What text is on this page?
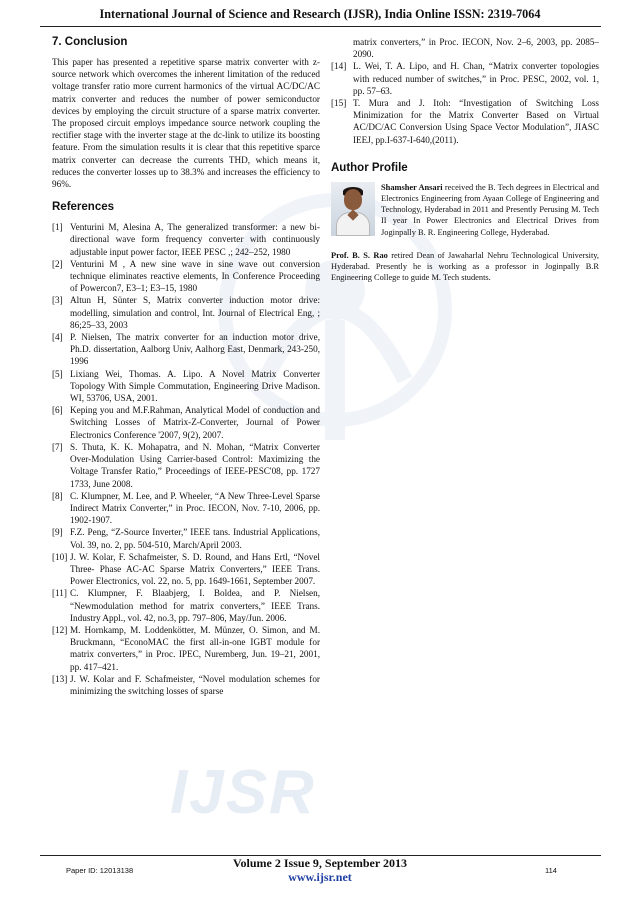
International Journal of Science and Research (IJSR), India Online ISSN: 2319-7064
IJSR
7. Conclusion

This paper has presented a repetitive sparse matrix converter with z-source network which overcomes the inherent limitation of the reduced voltage transfer ratio more current harmonics of the virtual AC/DC/AC matrix converter and reduces the number of power semiconductor devices by employing the circuit structure of a sparse matrix converter. The proposed circuit employs impedance source network coupling the rectifier stage with the inverter stage at the dc-link to utilize its boosting feature. From the simulation results it is clear that this repetitive sparce matrix converter can decrease the currents THD, which means it, reduces the converter losses up to 38.3% and increases the efficiency to 96%.

References
[1] Venturini M, Alesina A, The generalized transformer: a new bi-directional wave form frequency converter with continuously adjustable input power factor, IEEE PESC ,; 242–252, 1980
[2] Venturini M , A new sine wave in sine wave out conversion technique eliminates reactive elements, In Conference Proceeding of Powercon7, E3–1; E3–15, 1980
[3] Altun H, Sünter S, Matrix converter induction motor drive: modelling, simulation and control, Int. Journal of Electrical Eng, ; 86;25–33, 2003
[4] P. Nielsen, The matrix converter for an induction motor drive, Ph.D. dissertation, Aalborg Univ, Aalhorg East, Denmark, 243-250, 1996
[5] Lixiang Wei, Thomas. A. Lipo. A Novel Matrix Converter Topology With Simple Commutation, Engineering Drive Madison. WI, 53706, USA, 2001.
[6] Keping you and M.F.Rahman, Analytical Model of conduction and Switching Losses of Matrix-Z-Converter, Journal of Power Electronics Conference '2007, 9(2), 2007.
[7] S. Thuta, K. K. Mohapatra, and N. Mohan, “Matrix Converter Over-Modulation Using Carrier-based Control: Maximizing the Voltage Transfer Ratio,” Proceedings of IEEE-PESC'08, pp. 1727 1733, June 2008.
[8] C. Klumpner, M. Lee, and P. Wheeler, “A New Three-Level Sparse Indirect Matrix Converter,” in Proc. IECON, Nov. 7-10, 2006, pp. 1902-1907.
[9] F.Z. Peng, “Z-Source Inverter,” IEEE tans. Industrial Applications, Vol. 39, no. 2, pp. 504-510, March/April 2003.
[10] J. W. Kolar, F. Schafmeister, S. D. Round, and Hans Ertl, “Novel Three- Phase AC-AC Sparse Matrix Converters,” IEEE Trans. Power Electronics, vol. 22, no. 5, pp. 1649-1661, September 2007.
[11] C. Klumpner, F. Blaabjerg, I. Boldea, and P. Nielsen, “Newmodulation method for matrix converters,” IEEE Trans. Industry Appl., vol. 42, no.3, pp. 797–806, May/Jun. 2006.
[12] M. Hornkamp, M. Loddenkötter, M. Münzer, O. Simon, and M. Bruckmann, “EconoMAC the first all-in-one IGBT module for matrix converters,” in Proc. IPEC, Nuremberg, Jun. 19–21, 2001, pp. 417–421.
[13] J. W. Kolar and F. Schafmeister, “Novel modulation schemes for minimizing the switching losses of sparse
matrix converters,” in Proc. IECON, Nov. 2–6, 2003, pp. 2085–2090.
[14] L. Wei, T. A. Lipo, and H. Chan, “Matrix converter topologies with reduced number of switches,” in Proc. PESC, 2002, vol. 1, pp. 57–63.
[15] T. Mura and J. Itoh: “Investigation of Switching Loss Minimization for the Matrix Converter Based on Virtual AC/DC/AC Conversion Using Space Vector Modulation”, JIASC IEEJ, pp.I-637-I-640,(2011).
Author Profile
Shamsher Ansari received the B. Tech degrees in Electrical and Electronics Engineering from Ayaan College of Engineering and Technology, Hyderabad in 2011 and Presently Perusing M. Tech II year In Power Electronics and Electrical Drives from Joginpally B. R. Engineering College, Hyderabad.
Prof. B. S. Rao retired Dean of Jawaharlal Nehru Technological University, Hyderabad. Presently he is working as a professor in Joginpally B.R Engineering College to guide M. Tech students.
Volume 2 Issue 9, September 2013
www.ijsr.net
Paper ID: 12013138	114
